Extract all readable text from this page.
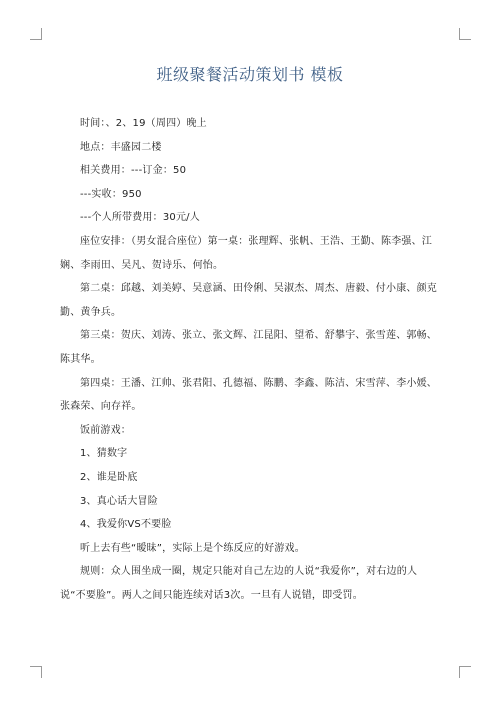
班级聚餐活动策划书 模板

时间：、2、19（周四）晚上

地点：丰盛园二楼

相关费用：---订金：50

---实收：950

---个人所带费用：30元/人

座位安排：（男女混合座位）第一桌：张理辉、张帆、王浩、王勤、陈李强、江娴、李雨田、吴凡、贺诗乐、何怡。

第二桌：邱越、刘美婷、吴意涵、田伶俐、吴淑杰、周杰、唐毅、付小康、颜克勤、黄争兵。

第三桌：贺庆、刘涛、张立、张文辉、江昆阳、望希、舒攀宇、张雪莲、郭畅、陈其华。

第四桌：王潘、江帅、张君阳、孔德福、陈鹏、李鑫、陈洁、宋雪萍、李小媛、张森荣、向存祥。

饭前游戏：

1、猜数字

2、谁是卧底

3、真心话大冒险

4、我爱你VS不要脸

听上去有些“暧昧”，实际上是个练反应的好游戏。

规则：众人围坐成一圈，规定只能对自己左边的人说“我爱你”，对右边的人说“不要脸”。两人之间只能连续对话3次。一旦有人说错，即受罚。
